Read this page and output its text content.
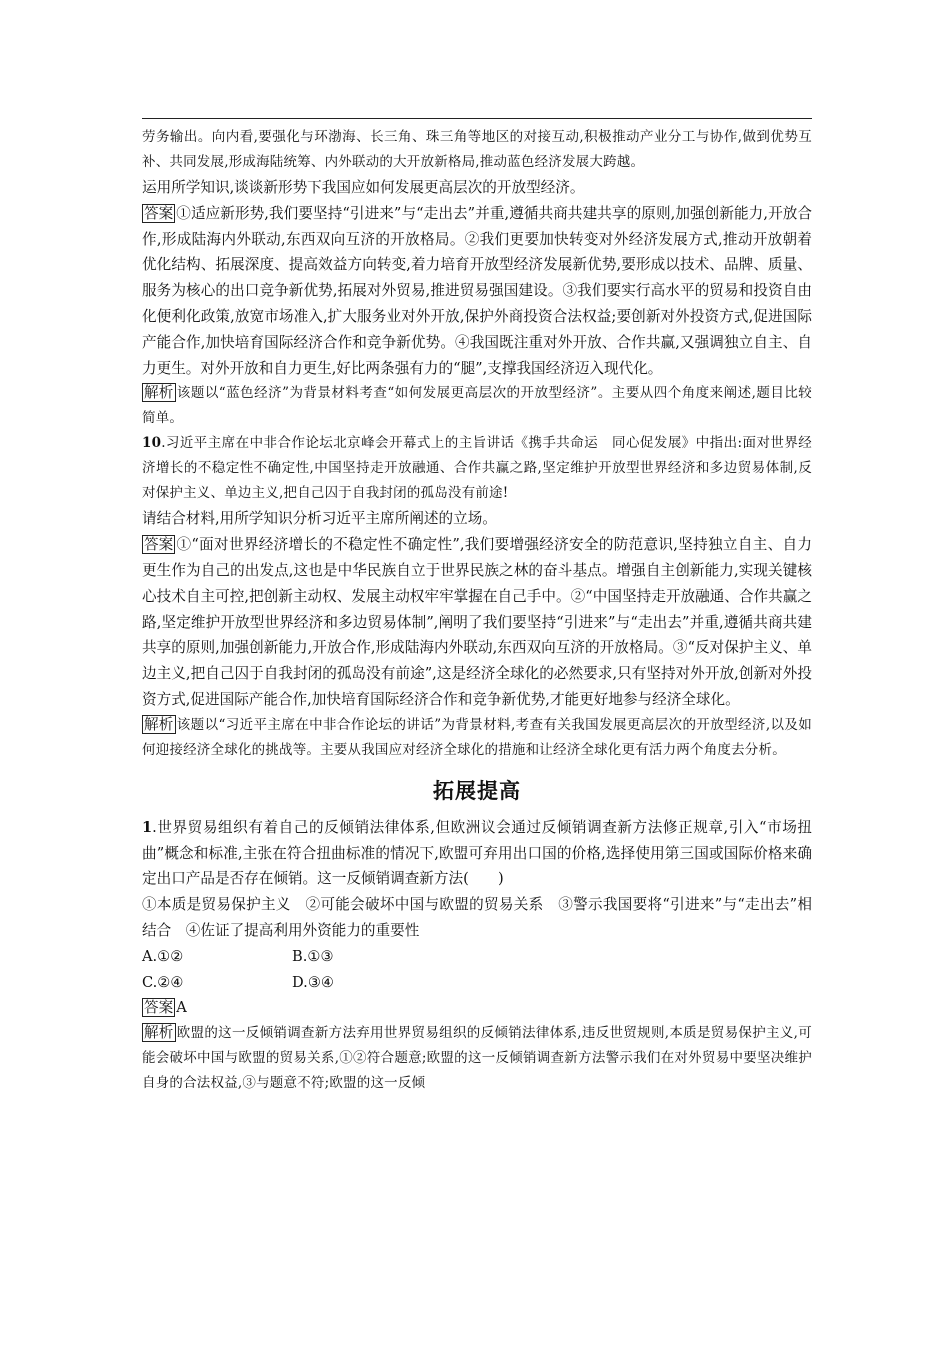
劳务输出。向内看,要强化与环渤海、长三角、珠三角等地区的对接互动,积极推动产业分工与协作,做到优势互补、共同发展,形成海陆统筹、内外联动的大开放新格局,推动蓝色经济发展大跨越。

运用所学知识,谈谈新形势下我国应如何发展更高层次的开放型经济。

答案 ①适应新形势,我们要坚持“引进来”与“走出去”并重,遵循共商共建共享的原则,加强创新能力,开放合作,形成陆海内外联动,东西双向互济的开放格局。②我们更要加快转变对外经济发展方式,推动开放朝着优化结构、拓展深度、提高效益方向转变,着力培育开放型经济发展新优势,要形成以技术、品牌、质量、服务为核心的出口竞争新优势,拓展对外贸易,推进贸易强国建设。③我们要实行高水平的贸易和投资自由化便利化政策,放宽市场准入,扩大服务业对外开放,保护外商投资合法权益;要创新对外投资方式,促进国际产能合作,加快培育国际经济合作和竞争新优势。④我国既注重对外开放、合作共赢,又强调独立自主、自力更生。对外开放和自力更生,好比两条强有力的“腿”,支撑我国经济迈入现代化。

解析 该题以“蓝色经济”为背景材料考查“如何发展更高层次的开放型经济”。主要从四个角度来阐述,题目比较简单。

10.习近平主席在中非合作论坛北京峰会开幕式上的主旨讲话《携手共命运　同心促发展》中指出:面对世界经济增长的不稳定性不确定性,中国坚持走开放融通、合作共赢之路,坚定维护开放型世界经济和多边贸易体制,反对保护主义、单边主义,把自己囚于自我封闭的孤岛没有前途!

请结合材料,用所学知识分析习近平主席所阐述的立场。

答案 ①“面对世界经济增长的不稳定性不确定性”,我们要增强经济安全的防范意识,坚持独立自主、自力更生作为自己的出发点,这也是中华民族自立于世界民族之林的奋斗基点。增强自主创新能力,实现关键核心技术自主可控,把创新主动权、发展主动权牢牢掌握在自己手中。②“中国坚持走开放融通、合作共赢之路,坚定维护开放型世界经济和多边贸易体制”,阐明了我们要坚持“引进来”与“走出去”并重,遵循共商共建共享的原则,加强创新能力,开放合作,形成陆海内外联动,东西双向互济的开放格局。③“反对保护主义、单边主义,把自己囚于自我封闭的孤岛没有前途”,这是经济全球化的必然要求,只有坚持对外开放,创新对外投资方式,促进国际产能合作,加快培育国际经济合作和竞争新优势,才能更好地参与经济全球化。

解析 该题以“习近平主席在中非合作论坛的讲话”为背景材料,考查有关我国发展更高层次的开放型经济,以及如何迎接经济全球化的挑战等。主要从我国应对经济全球化的措施和让经济全球化更有活力两个角度去分析。

拓展提高

1.世界贸易组织有着自己的反倾销法律体系,但欧洲议会通过反倾销调查新方法修正规章,引入“市场扭曲”概念和标准,主张在符合扭曲标准的情况下,欧盟可弃用出口国的价格,选择使用第三国或国际价格来确定出口产品是否存在倾销。这一反倾销调查新方法(　　)

①本质是贸易保护主义　②可能会破坏中国与欧盟的贸易关系　③警示我国要将“引进来”与“走出去”相结合　④佐证了提高利用外资能力的重要性

A.①②	B.①③
C.②④	D.③④

答案 A

解析 欧盟的这一反倾销调查新方法弃用世界贸易组织的反倾销法律体系,违反世贸规则,本质是贸易保护主义,可能会破坏中国与欧盟的贸易关系,①②符合题意;欧盟的这一反倾销调查新方法警示我们在对外贸易中要坚决维护自身的合法权益,③与题意不符;欧盟的这一反倾
